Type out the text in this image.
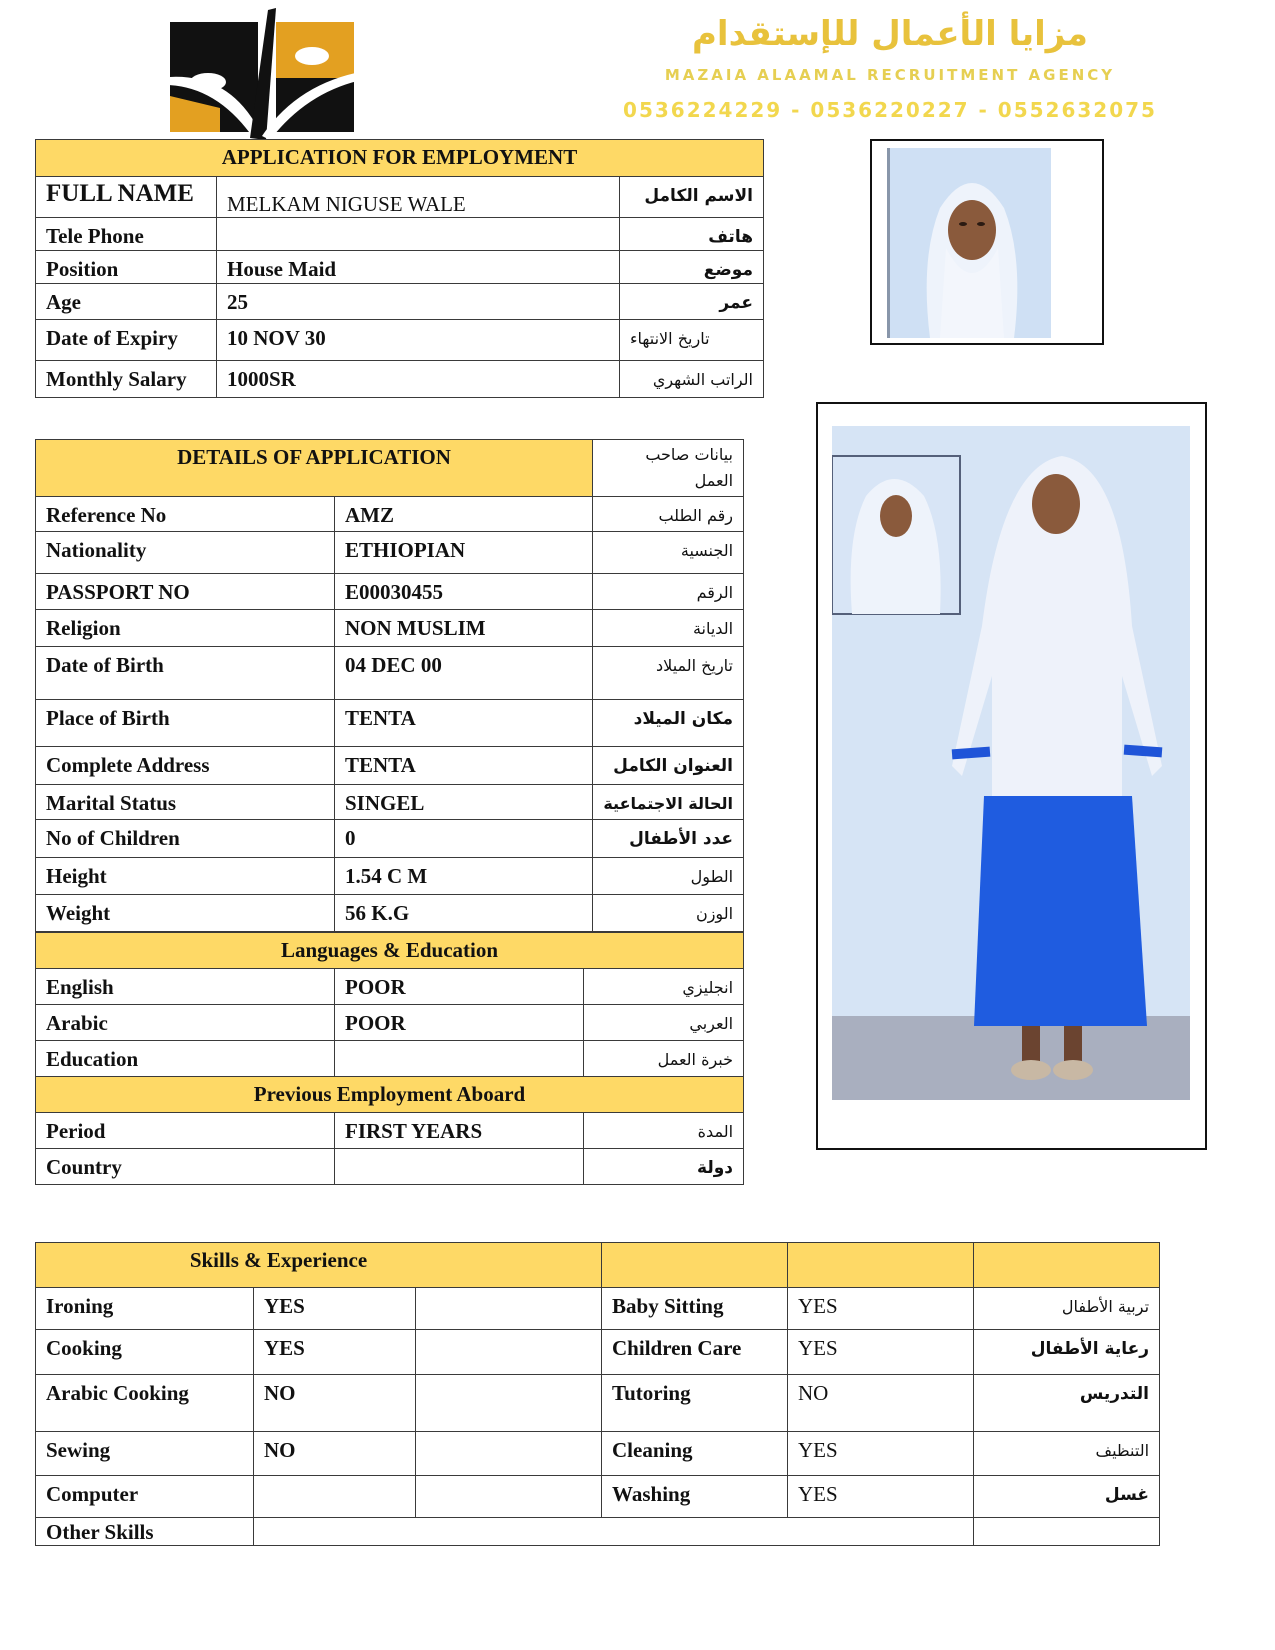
مزايا الأعمال للإستقدام
MAZAIA ALAAMAL RECRUITMENT AGENCY
0536224229 - 0536220227 - 0552632075
APPLICATION FOR EMPLOYMENT		
FULL NAME	MELKAM NIGUSE WALE	الاسم الكامل
Tele Phone		هاتف
Position	House Maid	موضع
Age	25	عمر
Date of Expiry	10 NOV 30	تاريخ الانتهاء
Monthly Salary	1000SR	الراتب الشهري
DETAILS OF APPLICATION		بيانات صاحب العمل
Reference No	AMZ	رقم الطلب
Nationality	ETHIOPIAN	الجنسية
PASSPORT NO	E00030455	الرقم
Religion	NON MUSLIM	الديانة
Date of Birth	04 DEC 00	تاريخ الميلاد
Place of Birth	TENTA	مكان الميلاد
Complete Address	TENTA	العنوان الكامل
Marital Status	SINGEL	الحالة الاجتماعية
No of Children	0	عدد الأطفال
Height	1.54 C M	الطول
Weight	56 K.G	الوزن
Languages & Education		
English	POOR	انجليزي
Arabic	POOR	العربي
Education		خبرة العمل
Previous Employment Aboard		
Period	FIRST YEARS	المدة
Country		دولة
Skills & Experience					
Ironing	YES		Baby Sitting	YES	تربية الأطفال
Cooking	YES		Children Care	YES	رعاية الأطفال
Arabic Cooking	NO		Tutoring	NO	التدريس
Sewing	NO		Cleaning	YES	التنظيف
Computer			Washing	YES	غسل
Other Skills					
